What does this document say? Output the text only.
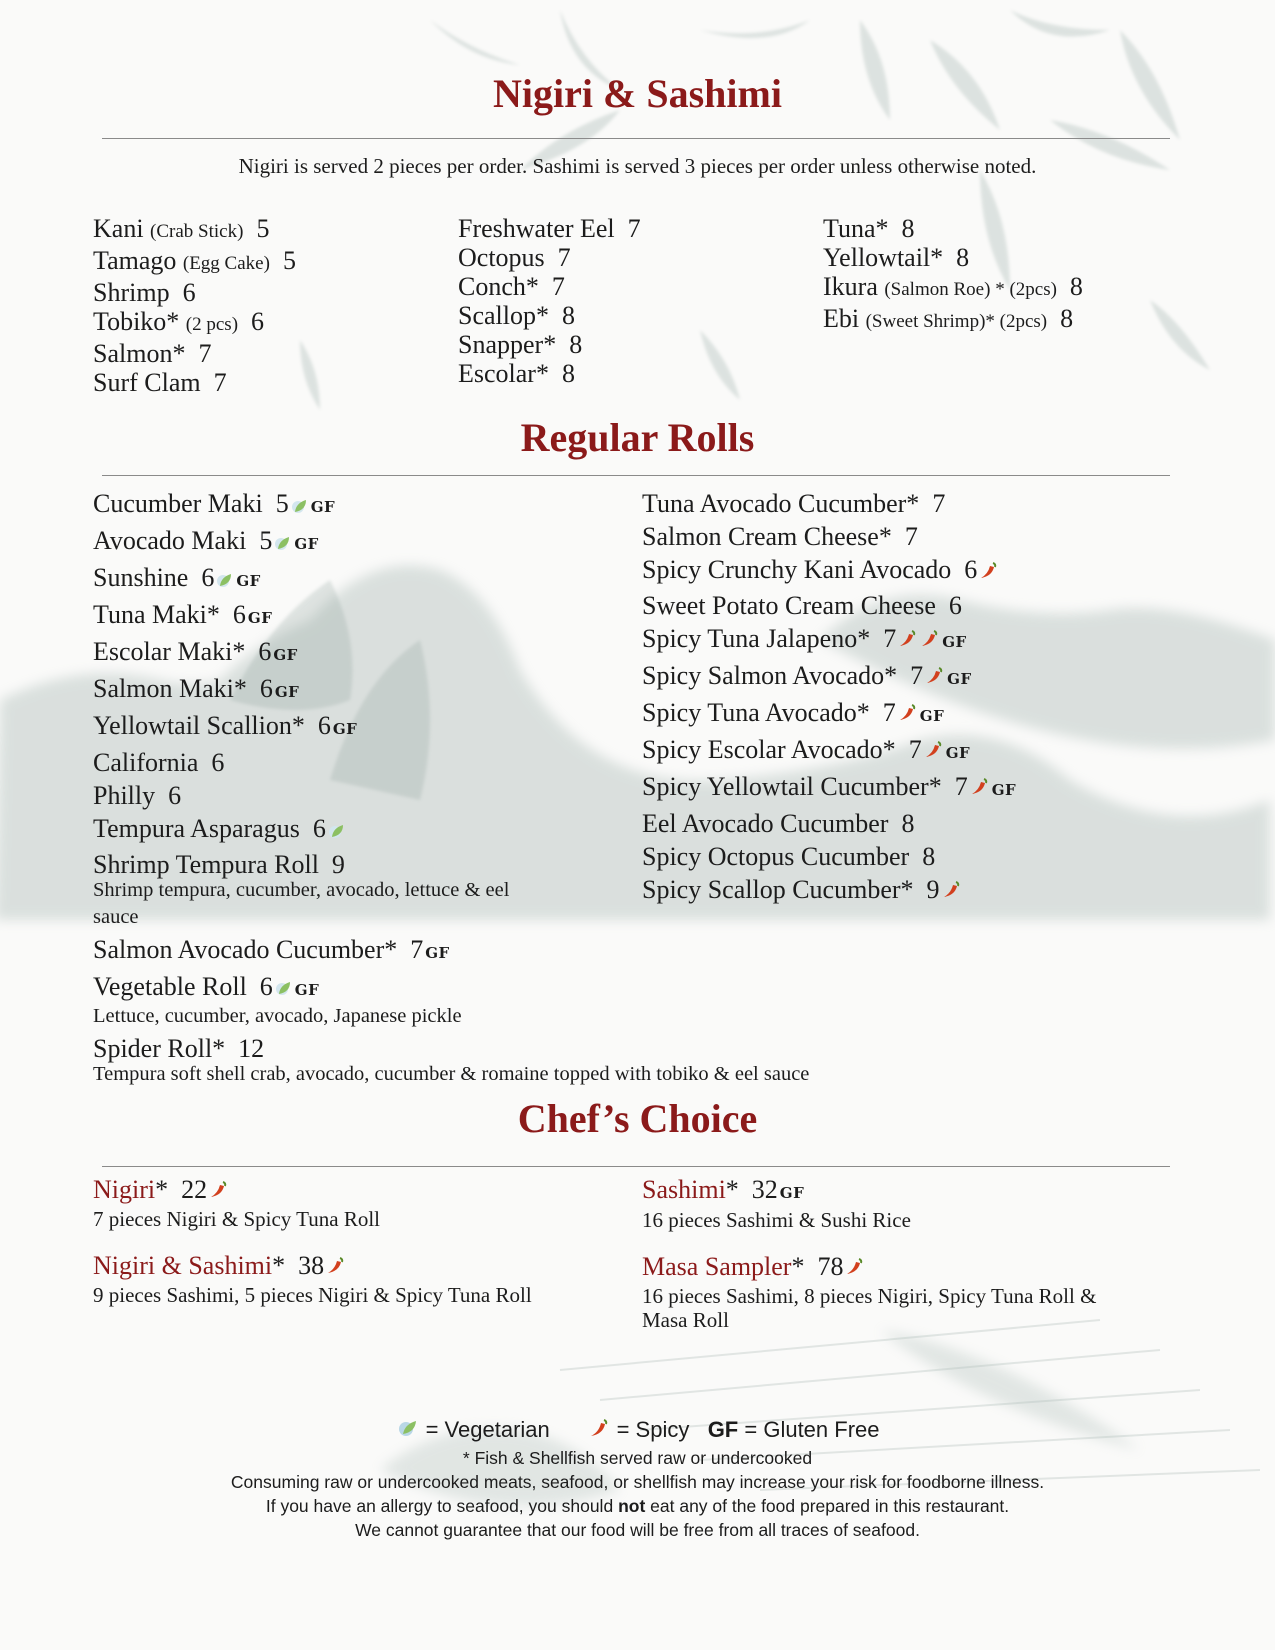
Nigiri & Sashimi
Nigiri is served 2 pieces per order. Sashimi is served 3 pieces per order unless otherwise noted.
Kani (Crab Stick) 5
Tamago (Egg Cake) 5
Shrimp 6
Tobiko* (2 pcs) 6
Salmon* 7
Surf Clam 7
Freshwater Eel 7
Octopus 7
Conch* 7
Scallop* 8
Snapper* 8
Escolar* 8
Tuna* 8
Yellowtail* 8
Ikura (Salmon Roe) * (2pcs) 8
Ebi (Sweet Shrimp)* (2pcs) 8
Regular Rolls
Cucumber Maki 5 GF
Avocado Maki 5 GF
Sunshine 6 GF
Tuna Maki* 6 GF
Escolar Maki* 6 GF
Salmon Maki* 6 GF
Yellowtail Scallion* 6 GF
California 6
Philly 6
Tempura Asparagus 6
Shrimp Tempura Roll 9
Shrimp tempura, cucumber, avocado, lettuce & eel sauce
Salmon Avocado Cucumber* 7 GF
Vegetable Roll 6 GF
Lettuce, cucumber, avocado, Japanese pickle
Spider Roll* 12
Tempura soft shell crab, avocado, cucumber & romaine topped with tobiko & eel sauce
Tuna Avocado Cucumber* 7
Salmon Cream Cheese* 7
Spicy Crunchy Kani Avocado 6
Sweet Potato Cream Cheese 6
Spicy Tuna Jalapeno* 7	GF
Spicy Salmon Avocado* 7 GF
Spicy Tuna Avocado* 7 GF
Spicy Escolar Avocado* 7 GF
Spicy Yellowtail Cucumber* 7 GF
Eel Avocado Cucumber 8
Spicy Octopus Cucumber 8
Spicy Scallop Cucumber* 9
Chef’s Choice
Nigiri* 22
7 pieces Nigiri & Spicy Tuna Roll
Nigiri & Sashimi* 38
9 pieces Sashimi, 5 pieces Nigiri & Spicy Tuna Roll
Sashimi* 32 GF
16 pieces Sashimi & Sushi Rice
Masa Sampler* 78
16 pieces Sashimi, 8 pieces Nigiri, Spicy Tuna Roll & Masa Roll
= Vegetarian	= Spicy GF = Gluten Free
* Fish & Shellfish served raw or undercooked
Consuming raw or undercooked meats, seafood, or shellfish may increase your risk for foodborne illness.
If you have an allergy to seafood, you should not eat any of the food prepared in this restaurant.
We cannot guarantee that our food will be free from all traces of seafood.
